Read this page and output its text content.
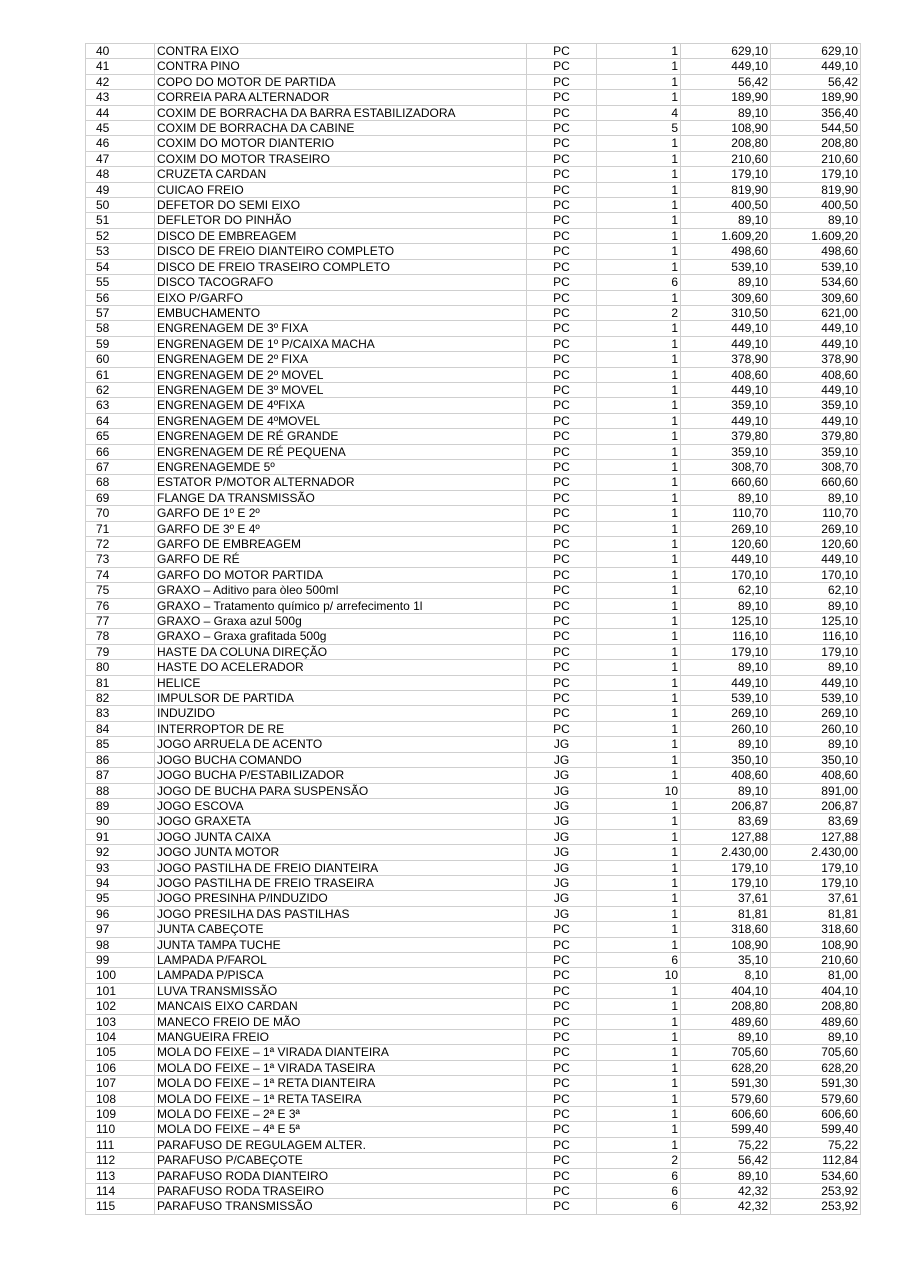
40	CONTRA EIXO	PC	1	629,10	629,10
41	CONTRA PINO	PC	1	449,10	449,10
42	COPO DO MOTOR DE PARTIDA	PC	1	56,42	56,42
43	CORREIA PARA ALTERNADOR	PC	1	189,90	189,90
44	COXIM DE BORRACHA DA BARRA ESTABILIZADORA	PC	4	89,10	356,40
45	COXIM DE BORRACHA DA CABINE	PC	5	108,90	544,50
46	COXIM DO MOTOR DIANTERIO	PC	1	208,80	208,80
47	COXIM DO MOTOR TRASEIRO	PC	1	210,60	210,60
48	CRUZETA CARDAN	PC	1	179,10	179,10
49	CUICAO FREIO	PC	1	819,90	819,90
50	DEFETOR DO SEMI EIXO	PC	1	400,50	400,50
51	DEFLETOR DO PINHÃO	PC	1	89,10	89,10
52	DISCO DE EMBREAGEM	PC	1	1.609,20	1.609,20
53	DISCO DE FREIO DIANTEIRO COMPLETO	PC	1	498,60	498,60
54	DISCO DE FREIO TRASEIRO COMPLETO	PC	1	539,10	539,10
55	DISCO TACOGRAFO	PC	6	89,10	534,60
56	EIXO P/GARFO	PC	1	309,60	309,60
57	EMBUCHAMENTO	PC	2	310,50	621,00
58	ENGRENAGEM DE 3º FIXA	PC	1	449,10	449,10
59	ENGRENAGEM DE 1º P/CAIXA MACHA	PC	1	449,10	449,10
60	ENGRENAGEM DE 2º FIXA	PC	1	378,90	378,90
61	ENGRENAGEM DE 2º MOVEL	PC	1	408,60	408,60
62	ENGRENAGEM DE 3º MOVEL	PC	1	449,10	449,10
63	ENGRENAGEM DE 4ºFIXA	PC	1	359,10	359,10
64	ENGRENAGEM DE 4ºMOVEL	PC	1	449,10	449,10
65	ENGRENAGEM DE RÉ GRANDE	PC	1	379,80	379,80
66	ENGRENAGEM DE RÉ PEQUENA	PC	1	359,10	359,10
67	ENGRENAGEMDE 5º	PC	1	308,70	308,70
68	ESTATOR P/MOTOR ALTERNADOR	PC	1	660,60	660,60
69	FLANGE DA TRANSMISSÃO	PC	1	89,10	89,10
70	GARFO DE 1º E 2º	PC	1	110,70	110,70
71	GARFO DE 3º E 4º	PC	1	269,10	269,10
72	GARFO DE EMBREAGEM	PC	1	120,60	120,60
73	GARFO DE RÉ	PC	1	449,10	449,10
74	GARFO DO MOTOR PARTIDA	PC	1	170,10	170,10
75	GRAXO – Aditivo para òleo 500ml	PC	1	62,10	62,10
76	GRAXO – Tratamento químico p/ arrefecimento 1l	PC	1	89,10	89,10
77	GRAXO – Graxa azul 500g	PC	1	125,10	125,10
78	GRAXO – Graxa grafitada 500g	PC	1	116,10	116,10
79	HASTE DA COLUNA DIREÇÃO	PC	1	179,10	179,10
80	HASTE DO ACELERADOR	PC	1	89,10	89,10
81	HELICE	PC	1	449,10	449,10
82	IMPULSOR DE PARTIDA	PC	1	539,10	539,10
83	INDUZIDO	PC	1	269,10	269,10
84	INTERROPTOR DE RE	PC	1	260,10	260,10
85	JOGO ARRUELA DE ACENTO	JG	1	89,10	89,10
86	JOGO BUCHA COMANDO	JG	1	350,10	350,10
87	JOGO BUCHA P/ESTABILIZADOR	JG	1	408,60	408,60
88	JOGO DE BUCHA PARA SUSPENSÃO	JG	10	89,10	891,00
89	JOGO ESCOVA	JG	1	206,87	206,87
90	JOGO GRAXETA	JG	1	83,69	83,69
91	JOGO JUNTA CAIXA	JG	1	127,88	127,88
92	JOGO JUNTA MOTOR	JG	1	2.430,00	2.430,00
93	JOGO PASTILHA DE FREIO DIANTEIRA	JG	1	179,10	179,10
94	JOGO PASTILHA DE FREIO TRASEIRA	JG	1	179,10	179,10
95	JOGO PRESINHA P/INDUZIDO	JG	1	37,61	37,61
96	JOGO PRESILHA DAS PASTILHAS	JG	1	81,81	81,81
97	JUNTA CABEÇOTE	PC	1	318,60	318,60
98	JUNTA TAMPA TUCHE	PC	1	108,90	108,90
99	LAMPADA P/FAROL	PC	6	35,10	210,60
100	LAMPADA P/PISCA	PC	10	8,10	81,00
101	LUVA TRANSMISSÃO	PC	1	404,10	404,10
102	MANCAIS EIXO CARDAN	PC	1	208,80	208,80
103	MANECO FREIO DE MÃO	PC	1	489,60	489,60
104	MANGUEIRA FREIO	PC	1	89,10	89,10
105	MOLA DO FEIXE – 1ª VIRADA DIANTEIRA	PC	1	705,60	705,60
106	MOLA DO FEIXE – 1ª VIRADA TASEIRA	PC	1	628,20	628,20
107	MOLA DO FEIXE – 1ª RETA DIANTEIRA	PC	1	591,30	591,30
108	MOLA DO FEIXE – 1ª RETA TASEIRA	PC	1	579,60	579,60
109	MOLA DO FEIXE – 2ª E 3ª	PC	1	606,60	606,60
110	MOLA DO FEIXE – 4ª E 5ª	PC	1	599,40	599,40
111	PARAFUSO DE REGULAGEM ALTER.	PC	1	75,22	75,22
112	PARAFUSO P/CABEÇOTE	PC	2	56,42	112,84
113	PARAFUSO RODA DIANTEIRO	PC	6	89,10	534,60
114	PARAFUSO RODA TRASEIRO	PC	6	42,32	253,92
115	PARAFUSO TRANSMISSÃO	PC	6	42,32	253,92
